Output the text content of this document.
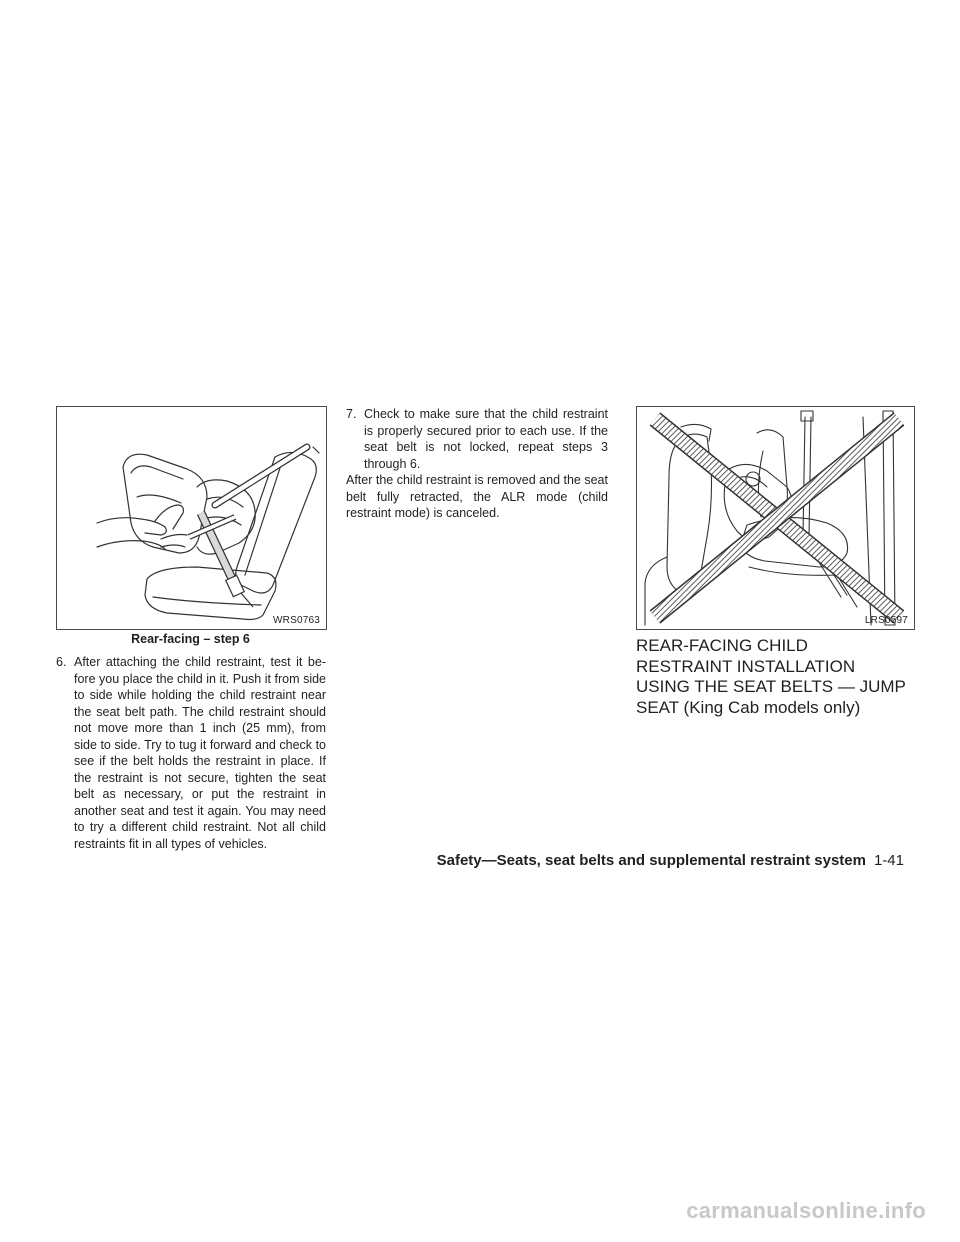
WRS0763
Rear-facing – step 6
6. After attaching the child restraint, test it be-fore you place the child in it. Push it from side to side while holding the child restraint near the seat belt path. The child restraint should not move more than 1 inch (25 mm), from side to side. Try to tug it forward and check to see if the belt holds the restraint in place. If the restraint is not secure, tighten the seat belt as necessary, or put the restraint in another seat and test it again. You may need to try a different child restraint. Not all child restraints fit in all types of vehicles.
7. Check to make sure that the child restraint is properly secured prior to each use. If the seat belt is not locked, repeat steps 3 through 6.

After the child restraint is removed and the seat belt fully retracted, the ALR mode (child restraint mode) is canceled.

LRS0597
REAR-FACING CHILD RESTRAINT INSTALLATION USING THE SEAT BELTS — JUMP SEAT (King Cab models only)
Safety—Seats, seat belts and supplemental restraint system 1-41
carmanualsonline.info
